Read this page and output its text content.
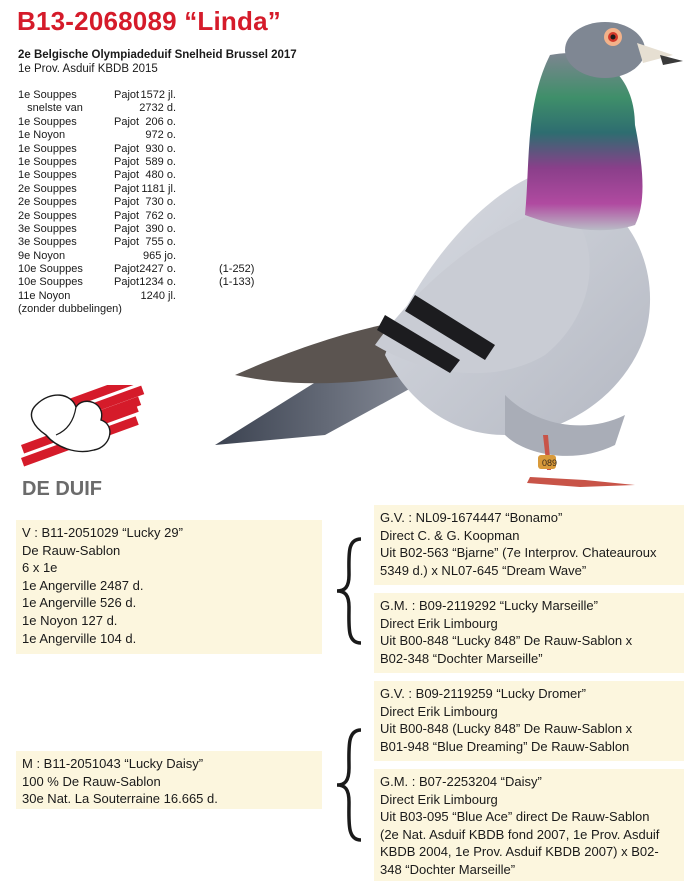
B13-2068089 “Linda”
2e Belgische Olympiadeduif Snelheid Brussel 2017
1e Prov. Asduif KBDB 2015
1e Souppes	Pajot 1572 jl.
snelste van	2732 d.
1e Souppes	Pajot 206 o.
1e Noyon	972 o.
1e Souppes	Pajot 930 o.
1e Souppes	Pajot 589 o.
1e Souppes	Pajot 480 o.
2e Souppes	Pajot 1181 jl.
2e Souppes	Pajot 730 o.
2e Souppes	Pajot 762 o.
3e Souppes	Pajot 390 o.
3e Souppes	Pajot 755 o.
9e Noyon	965 jo.
10e Souppes	Pajot 2427 o.	(1-252)
10e Souppes	Pajot 1234 o.	(1-133)
11e Noyon	1240 jl.
(zonder dubbelingen)
089
DE DUIF
V : B11-2051029 “Lucky 29”
De Rauw-Sablon
6 x 1e
1e Angerville 2487 d.
1e Angerville 526 d.
1e Noyon 127 d.
1e Angerville 104 d.
M : B11-2051043 “Lucky Daisy”
100 % De Rauw-Sablon
30e Nat. La Souterraine 16.665 d.
G.V. : NL09-1674447 “Bonamo”
Direct C. & G. Koopman
Uit B02-563 “Bjarne” (7e Interprov. Chateauroux
5349 d.) x NL07-645 “Dream Wave”
G.M. : B09-2119292 “Lucky Marseille”
Direct Erik Limbourg
Uit B00-848 “Lucky 848” De Rauw-Sablon x
B02-348 “Dochter Marseille”
G.V. : B09-2119259 “Lucky Dromer”
Direct Erik Limbourg
Uit B00-848 (Lucky 848” De Rauw-Sablon x
B01-948 “Blue Dreaming” De Rauw-Sablon
G.M. : B07-2253204 “Daisy”
Direct Erik Limbourg
Uit B03-095 “Blue Ace” direct De Rauw-Sablon
(2e Nat. Asduif KBDB fond 2007, 1e Prov. Asduif
KBDB 2004, 1e Prov. Asduif KBDB 2007) x B02-
348 “Dochter Marseille”
